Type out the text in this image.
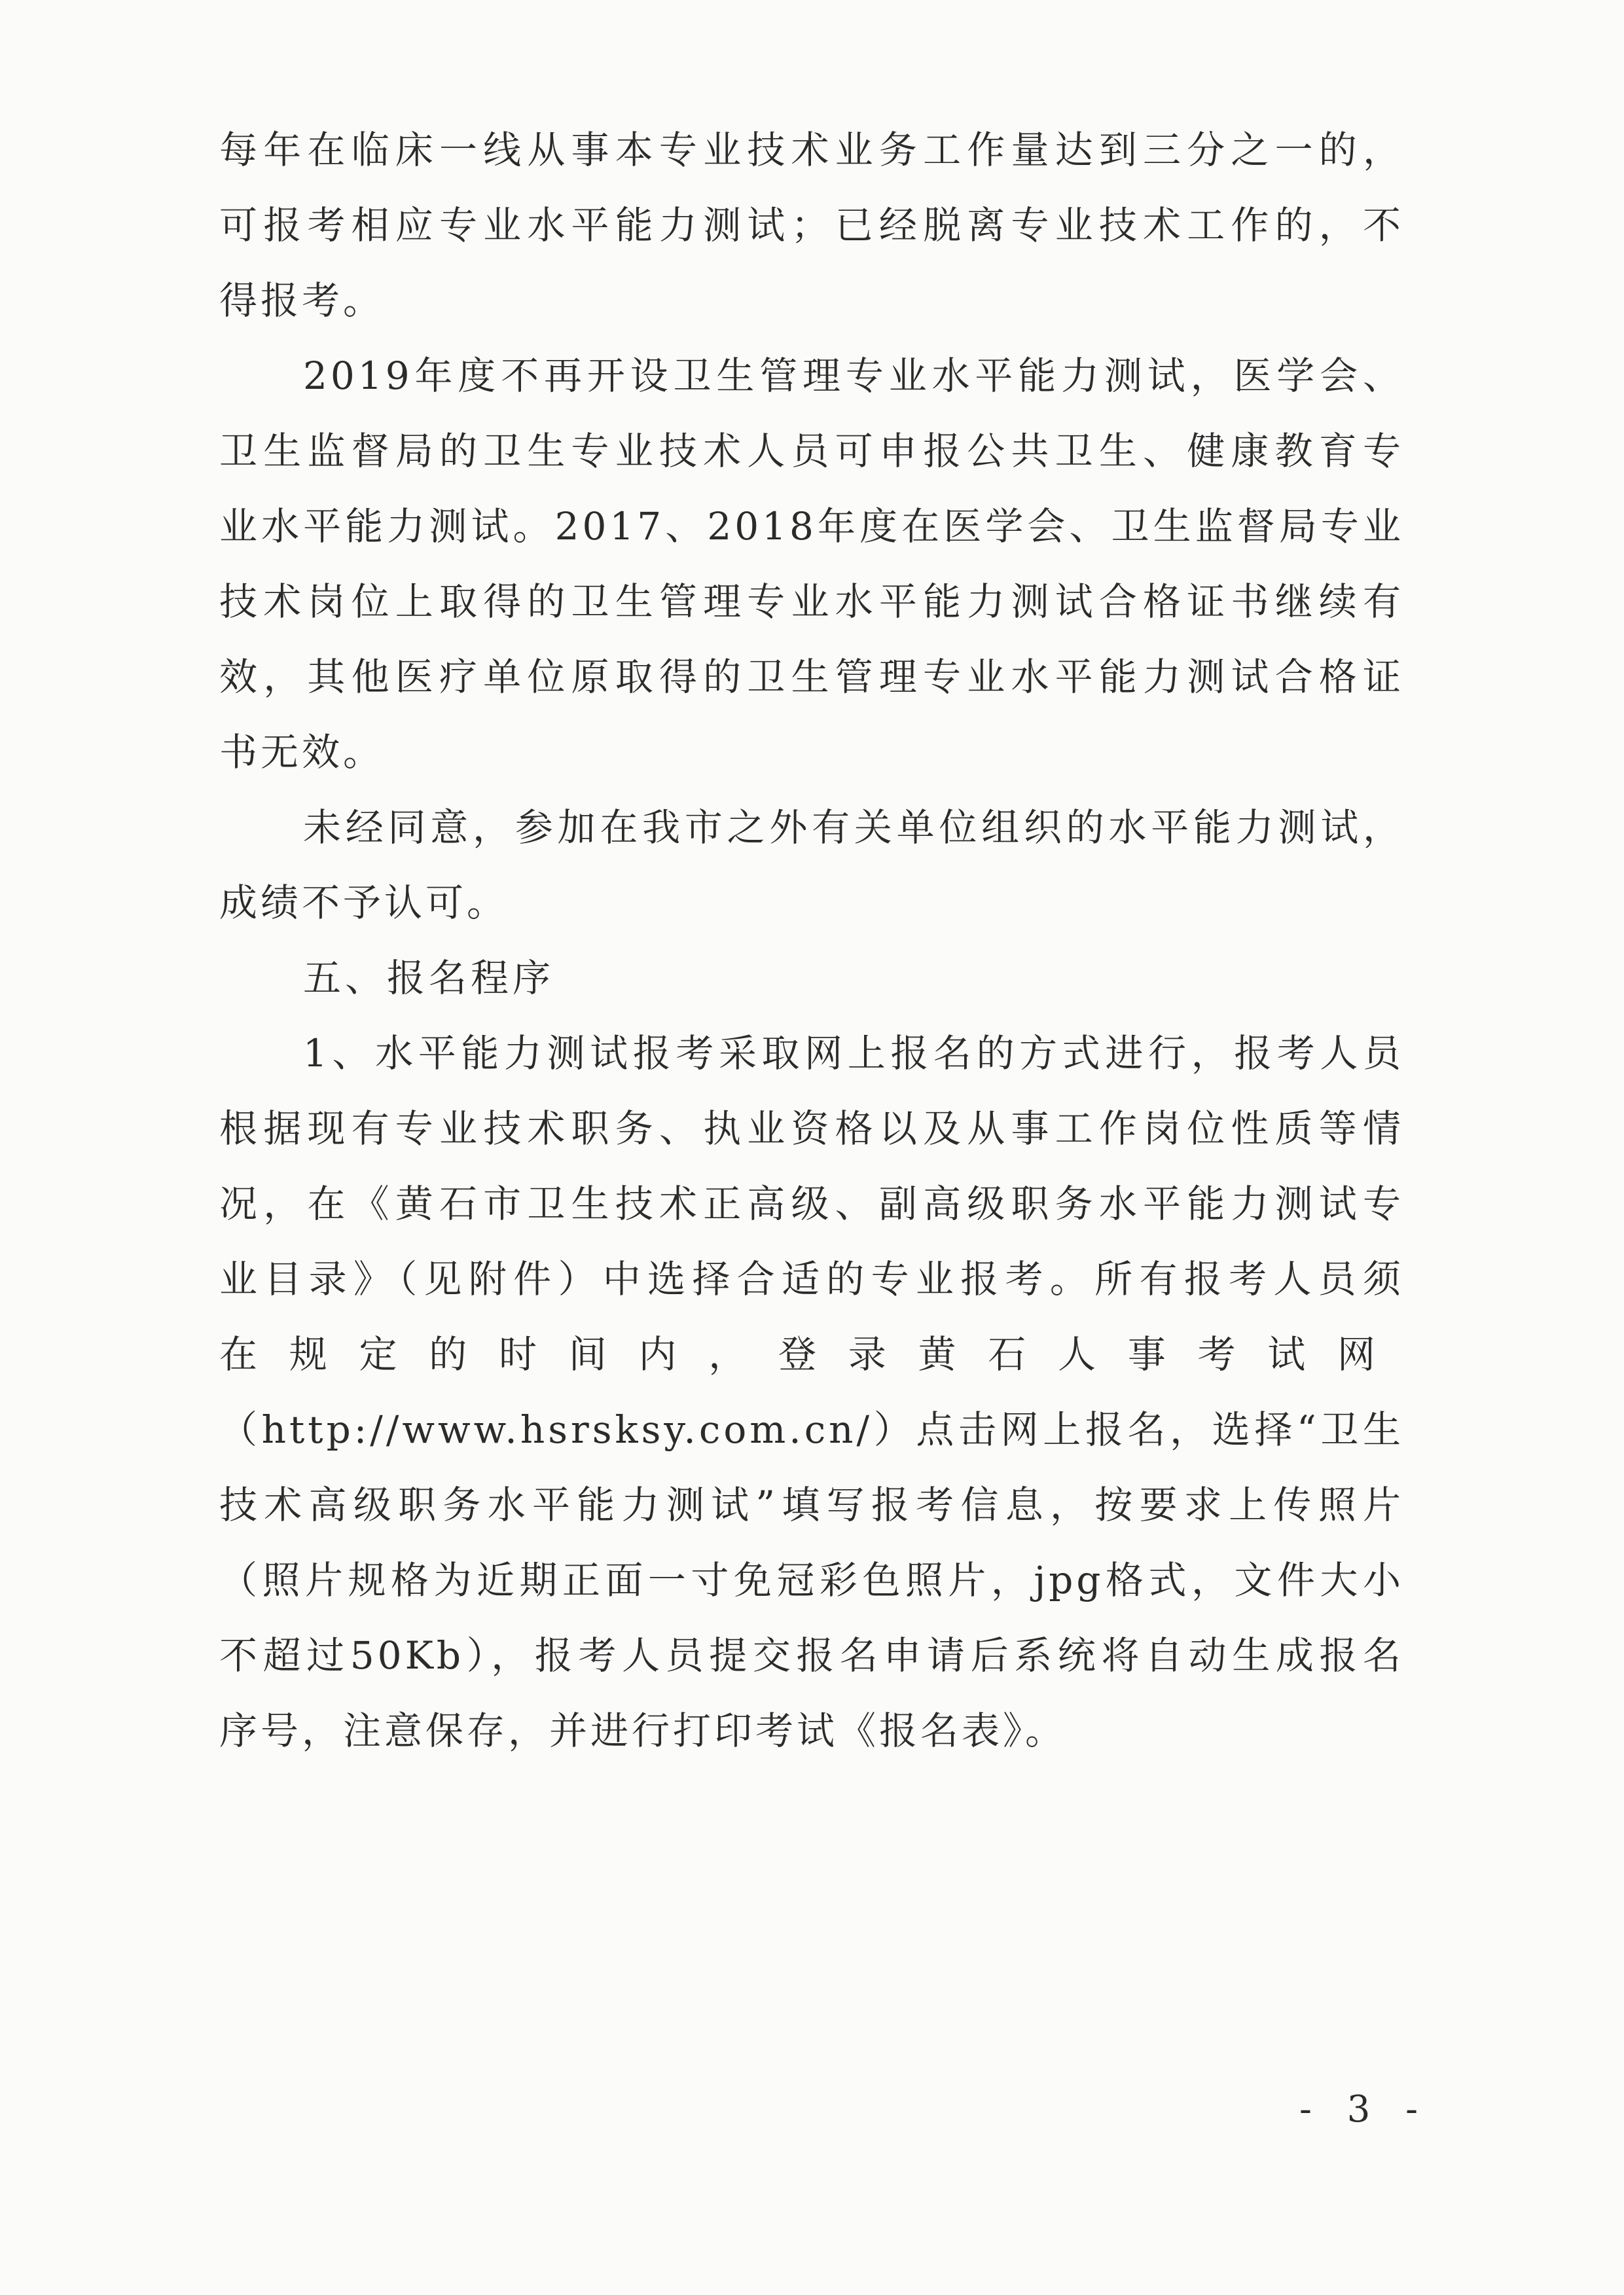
每年在临床一线从事本专业技术业务工作量达到三分之一的，
可报考相应专业水平能力测试；已经脱离专业技术工作的，不
得报考。
2019年度不再开设卫生管理专业水平能力测试，医学会、
卫生监督局的卫生专业技术人员可申报公共卫生、健康教育专
业水平能力测试。2017、2018年度在医学会、卫生监督局专业
技术岗位上取得的卫生管理专业水平能力测试合格证书继续有
效，其他医疗单位原取得的卫生管理专业水平能力测试合格证
书无效。
未经同意，参加在我市之外有关单位组织的水平能力测试，
成绩不予认可。
五、报名程序
1、水平能力测试报考采取网上报名的方式进行，报考人员
根据现有专业技术职务、执业资格以及从事工作岗位性质等情
况，在《黄石市卫生技术正高级、副高级职务水平能力测试专
业目录》（见附件）中选择合适的专业报考。所有报考人员须
在规定的时间内，登录黄石人事考试网
（http://www.hsrsksy.com.cn/）点击网上报名，选择“卫生
技术高级职务水平能力测试”填写报考信息，按要求上传照片
（照片规格为近期正面一寸免冠彩色照片，jpg格式，文件大小
不超过50Kb），报考人员提交报名申请后系统将自动生成报名
序号，注意保存，并进行打印考试《报名表》。
- 3 -
